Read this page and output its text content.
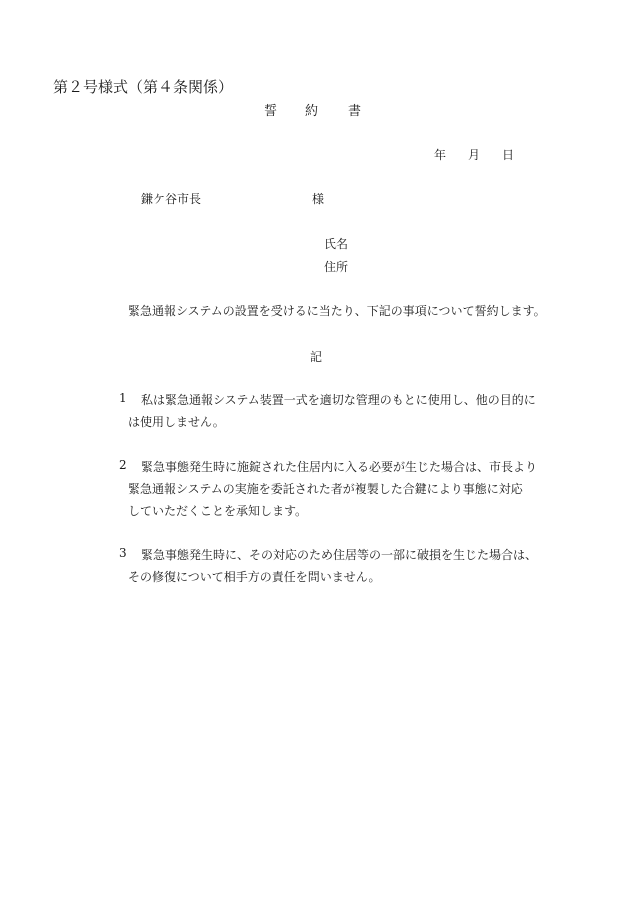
第２号様式（第４条関係）
誓 約 書
年 月 日
鎌ケ谷市長	様
氏名
住所
緊急通報システムの設置を受けるに当たり、下記の事項について誓約します。
記
1 私は緊急通報システム装置一式を適切な管理のもとに使用し、他の目的に
は使用しません。
2 緊急事態発生時に施錠された住居内に入る必要が生じた場合は、市長より
緊急通報システムの実施を委託された者が複製した合鍵により事態に対応
していただくことを承知します。
3 緊急事態発生時に、その対応のため住居等の一部に破損を生じた場合は、
その修復について相手方の責任を問いません。
